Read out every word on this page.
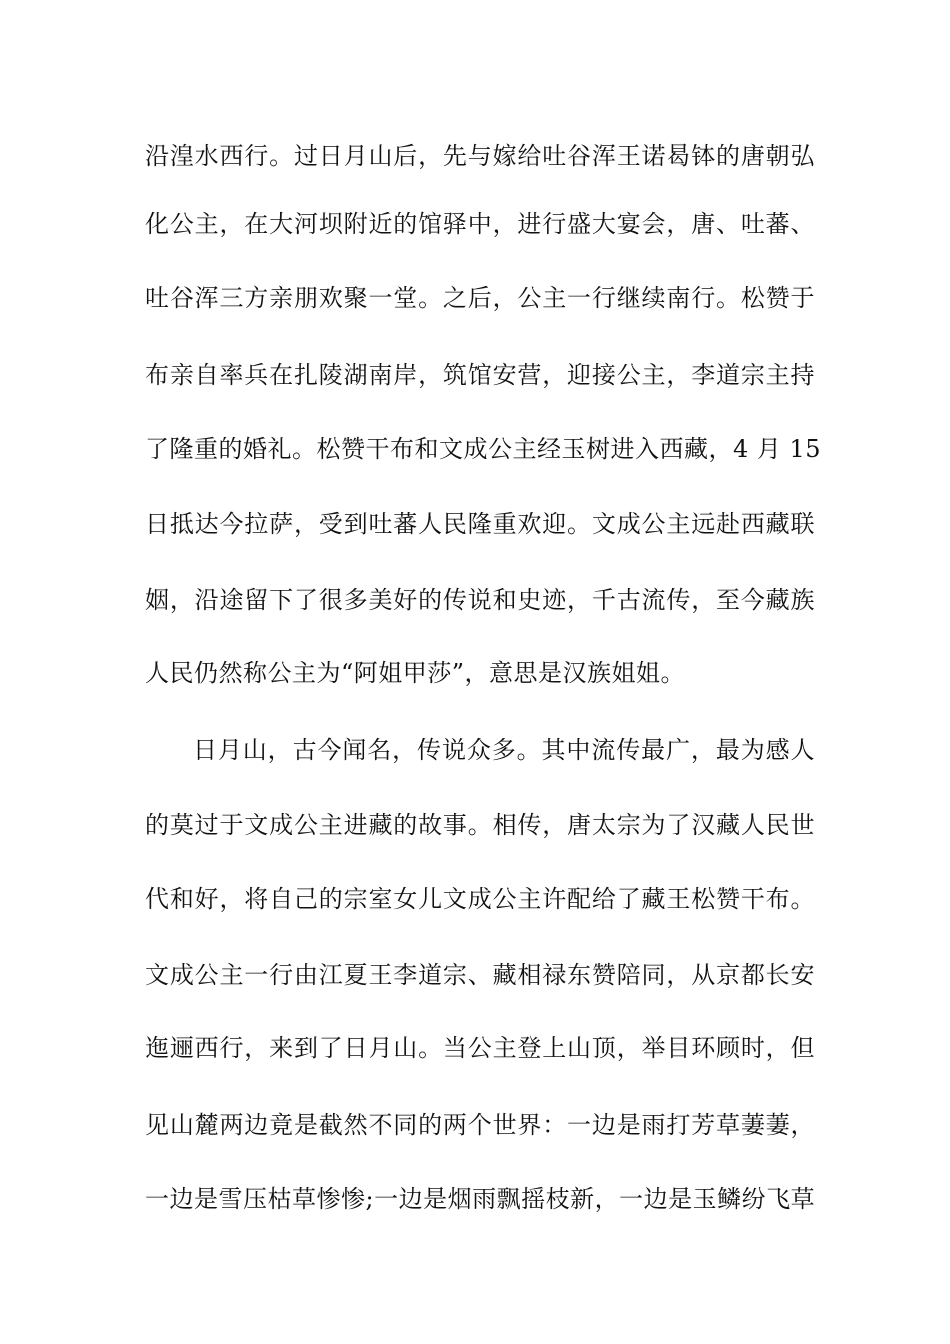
沿湟水西行。过日月山后，先与嫁给吐谷浑王诺曷钵的唐朝弘
化公主，在大河坝附近的馆驿中，进行盛大宴会，唐、吐蕃、
吐谷浑三方亲朋欢聚一堂。之后，公主一行继续南行。松赞于
布亲自率兵在扎陵湖南岸，筑馆安营，迎接公主，李道宗主持
了隆重的婚礼。松赞干布和文成公主经玉树进入西藏，4 月 15
日抵达今拉萨，受到吐蕃人民隆重欢迎。文成公主远赴西藏联
姻，沿途留下了很多美好的传说和史迹，千古流传，至今藏族
人民仍然称公主为“阿姐甲莎”，意思是汉族姐姐。
日月山，古今闻名，传说众多。其中流传最广，最为感人
的莫过于文成公主进藏的故事。相传，唐太宗为了汉藏人民世
代和好，将自己的宗室女儿文成公主许配给了藏王松赞干布。
文成公主一行由江夏王李道宗、藏相禄东赞陪同，从京都长安
迤逦西行，来到了日月山。当公主登上山顶，举目环顾时，但
见山麓两边竟是截然不同的两个世界：一边是雨打芳草萋萋，
一边是雪压枯草惨惨;一边是烟雨飘摇枝新，一边是玉鳞纷飞草
